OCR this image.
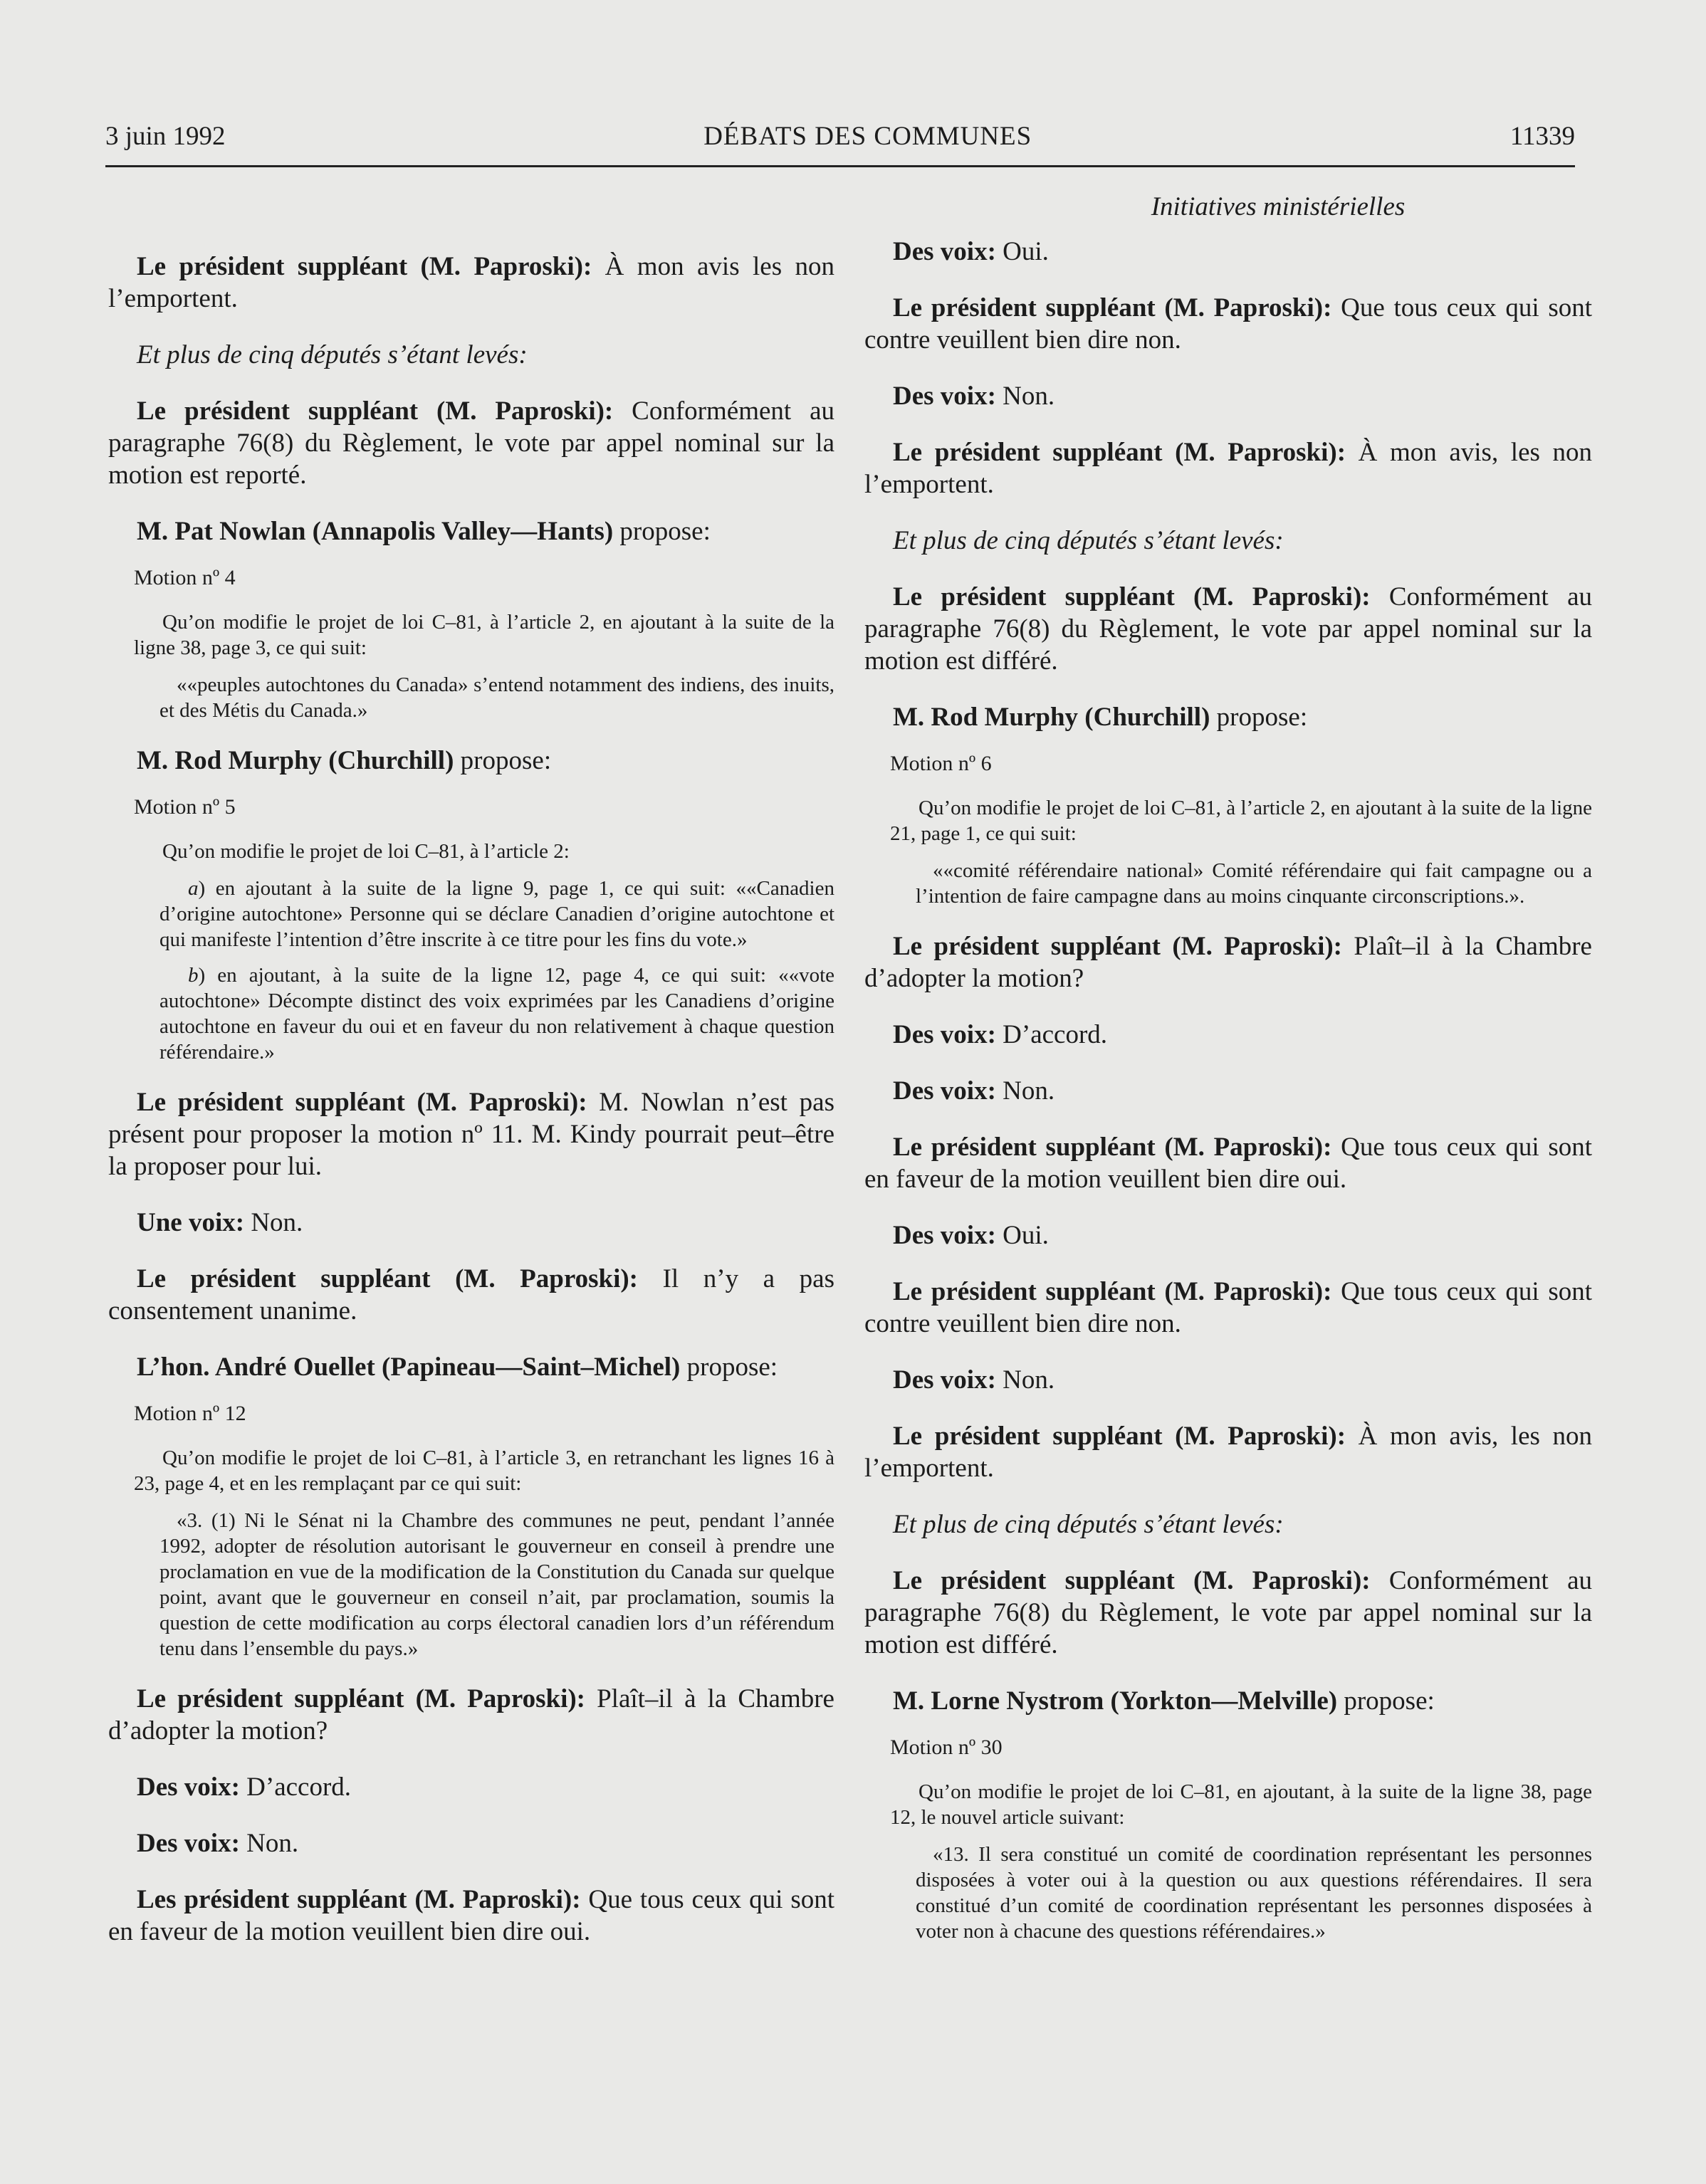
3 juin 1992	DÉBATS DES COMMUNES	11339
Le président suppléant (M. Paproski): À mon avis les non l’emportent.
Et plus de cinq députés s’étant levés:
Le président suppléant (M. Paproski): Conformément au paragraphe 76(8) du Règlement, le vote par appel nominal sur la motion est reporté.
M. Pat Nowlan (Annapolis Valley—Hants) propose:
Motion nº 4
Qu’on modifie le projet de loi C–81, à l’article 2, en ajoutant à la suite de la ligne 38, page 3, ce qui suit:
««peuples autochtones du Canada» s’entend notamment des indiens, des inuits, et des Métis du Canada.»
M. Rod Murphy (Churchill) propose:
Motion nº 5
Qu’on modifie le projet de loi C–81, à l’article 2:
a) en ajoutant à la suite de la ligne 9, page 1, ce qui suit: ««Canadien d’origine autochtone» Personne qui se déclare Canadien d’origine autochtone et qui manifeste l’intention d’être inscrite à ce titre pour les fins du vote.»
b) en ajoutant, à la suite de la ligne 12, page 4, ce qui suit: ««vote autochtone» Décompte distinct des voix exprimées par les Canadiens d’origine autochtone en faveur du oui et en faveur du non relativement à chaque question référendaire.»
Le président suppléant (M. Paproski): M. Nowlan n’est pas présent pour proposer la motion nº 11. M. Kindy pourrait peut–être la proposer pour lui.
Une voix: Non.
Le président suppléant (M. Paproski): Il n’y a pas consentement unanime.
L’hon. André Ouellet (Papineau—Saint–Michel) propose:
Motion nº 12
Qu’on modifie le projet de loi C–81, à l’article 3, en retranchant les lignes 16 à 23, page 4, et en les remplaçant par ce qui suit:
«3. (1) Ni le Sénat ni la Chambre des communes ne peut, pendant l’année 1992, adopter de résolution autorisant le gouverneur en conseil à prendre une proclamation en vue de la modification de la Constitution du Canada sur quelque point, avant que le gouverneur en conseil n’ait, par proclamation, soumis la question de cette modification au corps électoral canadien lors d’un référendum tenu dans l’ensemble du pays.»
Le président suppléant (M. Paproski): Plaît–il à la Chambre d’adopter la motion?
Des voix: D’accord.
Des voix: Non.
Les président suppléant (M. Paproski): Que tous ceux qui sont en faveur de la motion veuillent bien dire oui.
Initiatives ministérielles
Des voix: Oui.
Le président suppléant (M. Paproski): Que tous ceux qui sont contre veuillent bien dire non.
Des voix: Non.
Le président suppléant (M. Paproski): À mon avis, les non l’emportent.
Et plus de cinq députés s’étant levés:
Le président suppléant (M. Paproski): Conformément au paragraphe 76(8) du Règlement, le vote par appel nominal sur la motion est différé.
M. Rod Murphy (Churchill) propose:
Motion nº 6
Qu’on modifie le projet de loi C–81, à l’article 2, en ajoutant à la suite de la ligne 21, page 1, ce qui suit:
««comité référendaire national» Comité référendaire qui fait campagne ou a l’intention de faire campagne dans au moins cinquante circonscriptions.».
Le président suppléant (M. Paproski): Plaît–il à la Chambre d’adopter la motion?
Des voix: D’accord.
Des voix: Non.
Le président suppléant (M. Paproski): Que tous ceux qui sont en faveur de la motion veuillent bien dire oui.
Des voix: Oui.
Le président suppléant (M. Paproski): Que tous ceux qui sont contre veuillent bien dire non.
Des voix: Non.
Le président suppléant (M. Paproski): À mon avis, les non l’emportent.
Et plus de cinq députés s’étant levés:
Le président suppléant (M. Paproski): Conformément au paragraphe 76(8) du Règlement, le vote par appel nominal sur la motion est différé.
M. Lorne Nystrom (Yorkton—Melville) propose:
Motion nº 30
Qu’on modifie le projet de loi C–81, en ajoutant, à la suite de la ligne 38, page 12, le nouvel article suivant:
«13. Il sera constitué un comité de coordination représentant les personnes disposées à voter oui à la question ou aux questions référendaires. Il sera constitué d’un comité de coordination représentant les personnes disposées à voter non à chacune des questions référendaires.»
